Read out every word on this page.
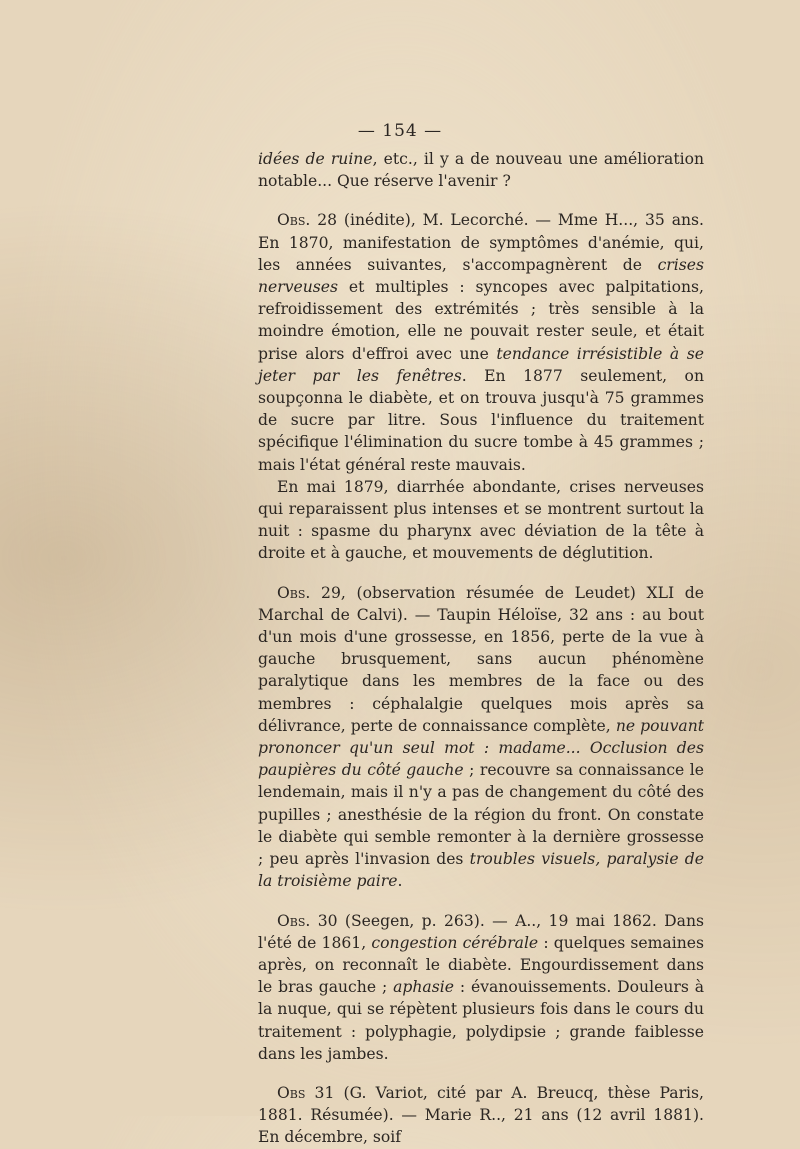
— 154 —

idées de ruine, etc., il y a de nouveau une amélioration notable... Que réserve l'avenir ?

Obs. 28 (inédite), M. Lecorché. — Mme H..., 35 ans. En 1870, manifestation de symptômes d'anémie, qui, les années suivantes, s'accompagnèrent de crises nerveuses et multiples : syncopes avec palpitations, refroidissement des extrémités ; très sensible à la moindre émotion, elle ne pouvait rester seule, et était prise alors d'effroi avec une tendance irrésistible à se jeter par les fenêtres. En 1877 seulement, on soupçonna le diabète, et on trouva jusqu'à 75 grammes de sucre par litre. Sous l'influence du traitement spécifique l'élimination du sucre tombe à 45 grammes ; mais l'état général reste mauvais.

En mai 1879, diarrhée abondante, crises nerveuses qui reparaissent plus intenses et se montrent surtout la nuit : spasme du pharynx avec déviation de la tête à droite et à gauche, et mouvements de déglutition.

Obs. 29, (observation résumée de Leudet) XLI de Marchal de Calvi). — Taupin Héloïse, 32 ans : au bout d'un mois d'une grossesse, en 1856, perte de la vue à gauche brusquement, sans aucun phénomène paralytique dans les membres de la face ou des membres : céphalalgie quelques mois après sa délivrance, perte de connaissance complète, ne pouvant prononcer qu'un seul mot : madame... Occlusion des paupières du côté gauche ; recouvre sa connaissance le lendemain, mais il n'y a pas de changement du côté des pupilles ; anesthésie de la région du front. On constate le diabète qui semble remonter à la dernière grossesse ; peu après l'invasion des troubles visuels, paralysie de la troisième paire.

Obs. 30 (Seegen, p. 263). — A.., 19 mai 1862. Dans l'été de 1861, congestion cérébrale : quelques semaines après, on reconnaît le diabète. Engourdissement dans le bras gauche ; aphasie : évanouissements. Douleurs à la nuque, qui se répètent plusieurs fois dans le cours du traitement : polyphagie, polydipsie ; grande faiblesse dans les jambes.

Obs 31 (G. Variot, cité par A. Breucq, thèse Paris, 1881. Résumée). — Marie R.., 21 ans (12 avril 1881). En décembre, soif
